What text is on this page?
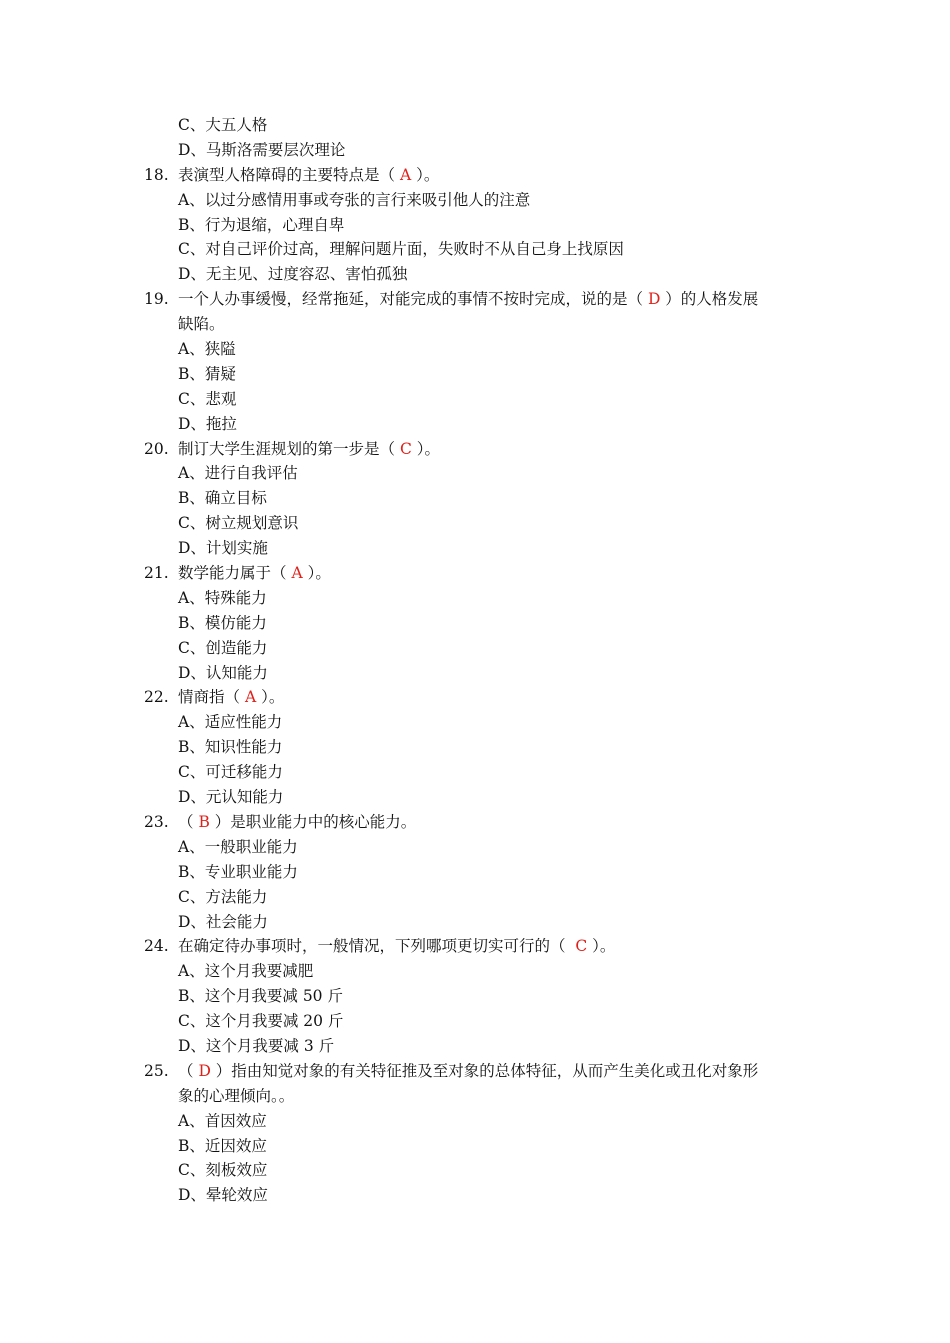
C、大五人格
D、马斯洛需要层次理论
18. 表演型人格障碍的主要特点是（ A ）。
A、以过分感情用事或夸张的言行来吸引他人的注意
B、行为退缩，心理自卑
C、对自己评价过高，理解问题片面，失败时不从自己身上找原因
D、无主见、过度容忍、害怕孤独
19. 一个人办事缓慢，经常拖延，对能完成的事情不按时完成，说的是（ D ）的人格发展
缺陷。
A、狭隘
B、猜疑
C、悲观
D、拖拉
20. 制订大学生涯规划的第一步是（ C ）。
A、进行自我评估
B、确立目标
C、树立规划意识
D、计划实施
21. 数学能力属于（ A ）。
A、特殊能力
B、模仿能力
C、创造能力
D、认知能力
22. 情商指（ A ）。
A、适应性能力
B、知识性能力
C、可迁移能力
D、元认知能力
23. （ B ）是职业能力中的核心能力。
A、一般职业能力
B、专业职业能力
C、方法能力
D、社会能力
24. 在确定待办事项时，一般情况，下列哪项更切实可行的（  C ）。
A、这个月我要减肥
B、这个月我要减 50 斤
C、这个月我要减 20 斤
D、这个月我要减 3 斤
25. （ D ）指由知觉对象的有关特征推及至对象的总体特征，从而产生美化或丑化对象形
象的心理倾向。。
A、首因效应
B、近因效应
C、刻板效应
D、晕轮效应
